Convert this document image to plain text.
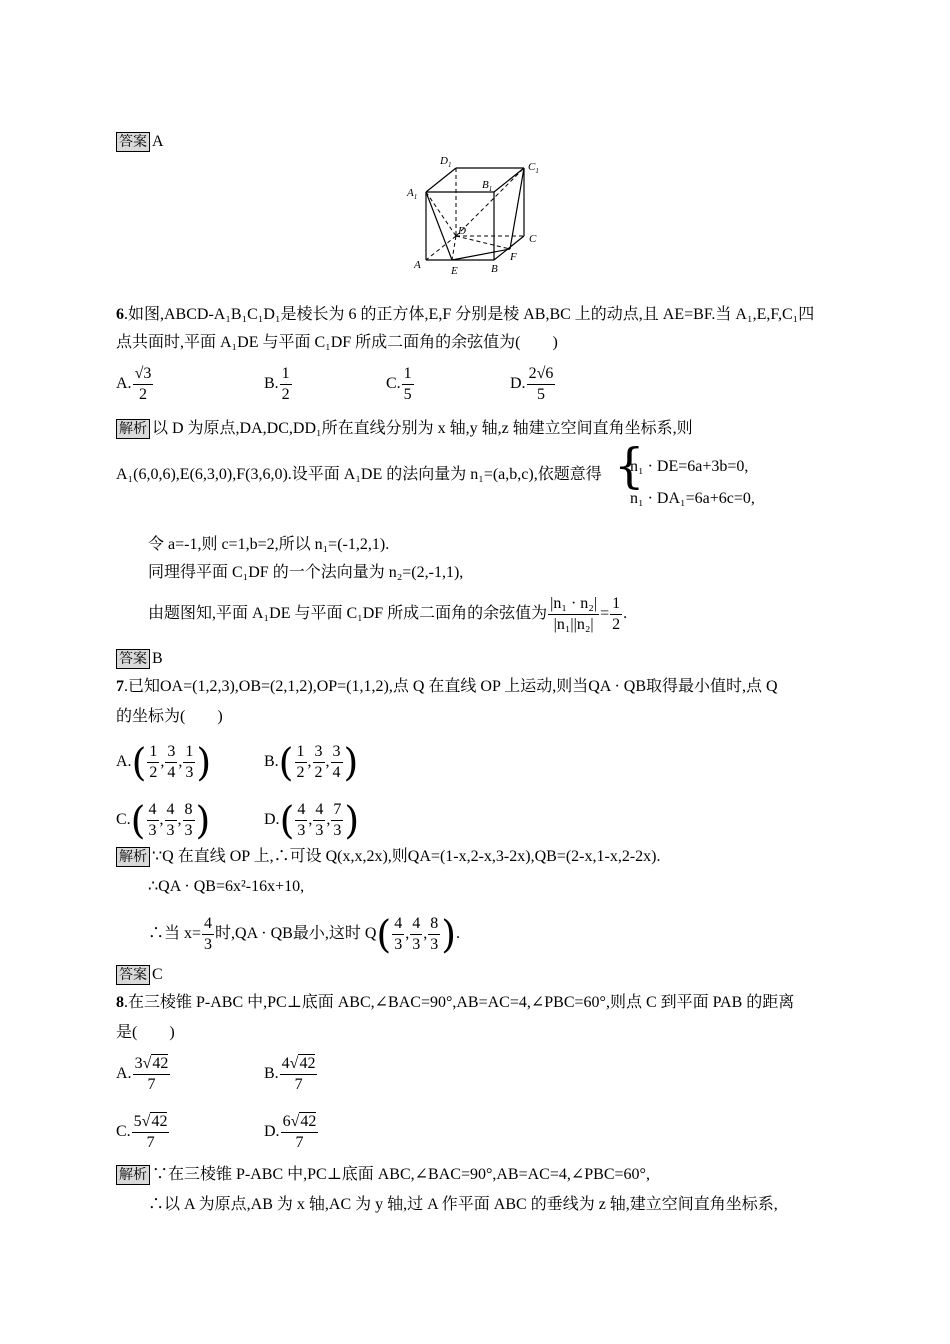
答案 A
$D_1$	$C_1$
$A_1$
$B_1$
D
C
A	E	B
F
6.如图,ABCD-A₁B₁C₁D₁是棱长为 6 的正方体,E,F 分别是棱 AB,BC 上的动点,且 AE=BF.当 A₁,E,F,C₁四
点共面时,平面 A₁DE 与平面 C₁DF 所成二面角的余弦值为(　　)
A. $\frac{√3}{2}$	B. $\frac{1}{2}$	C. $\frac{1}{5}$	D. $\frac{2√6}{5}$
解析 以 D 为原点,DA,DC,DD₁所在直线分别为 x 轴,y 轴,z 轴建立空间直角坐标系,则
A₁(6,0,6),E(6,3,0),F(3,6,0).设平面 A₁DE 的法向量为 n₁=(a,b,c),依题意得 {
n₁ · DE=6a+3b=0,
n₁ · DA₁=6a+6c=0,
令 a=-1,则 c=1,b=2,所以 n₁=(-1,2,1).
同理得平面 C₁DF 的一个法向量为 n₂=(2,-1,1),
由题图知,平面 A₁DE 与平面 C₁DF 所成二面角的余弦值为 $\frac{\text{|n₁ · n₂|}}{\text{|n₁||n₂|}} = \frac{1}{2}$ .
答案 B
7.已知OA=(1,2,3),OB=(2,1,2),OP=(1,1,2),点 Q 在直线 OP 上运动,则当QA · QB取得最小值时,点 Q
的坐标为(　　)
$A.( \frac{1}{2}$ , $\frac{3}{4}$ , $\frac{1}{3}$ )	$B.( \frac{1}{2}$ , $\frac{3}{2}$ , $\frac{3}{4}$ )
$C.( \frac{4}{3}$ , $\frac{4}{3}$ , $\frac{8}{3}$ )	$D.( \frac{4}{3}$ , $\frac{4}{3}$ , $\frac{7}{3}$ )
解析 ∵Q 在直线 OP 上,∴可设 Q(x,x,2x),则QA=(1-x,2-x,3-2x),QB=(2-x,1-x,2-2x).
∴QA · QB=6x²-16x+10,
∴当 $x= \frac{4}{3}$ 时,QA · QB最小,这时 $Q( \frac{4}{3}$ , $\frac{4}{3}$ , $\frac{8}{3}$ ).
答案 C
8.在三棱锥 P-ABC 中,PC⊥底面 ABC,∠BAC=90°,AB=AC=4,∠PBC=60°,则点 C 到平面 PAB 的距离
是(　　)
A. $\frac{3√42}{7}$	B. $\frac{4√42}{7}$
C. $\frac{5√42}{7}$	D. $\frac{6√42}{7}$
解析 ∵在三棱锥 P-ABC 中,PC⊥底面 ABC,∠BAC=90°,AB=AC=4,∠PBC=60°,
∴以 A 为原点,AB 为 x 轴,AC 为 y 轴,过 A 作平面 ABC 的垂线为 z 轴,建立空间直角坐标系,
